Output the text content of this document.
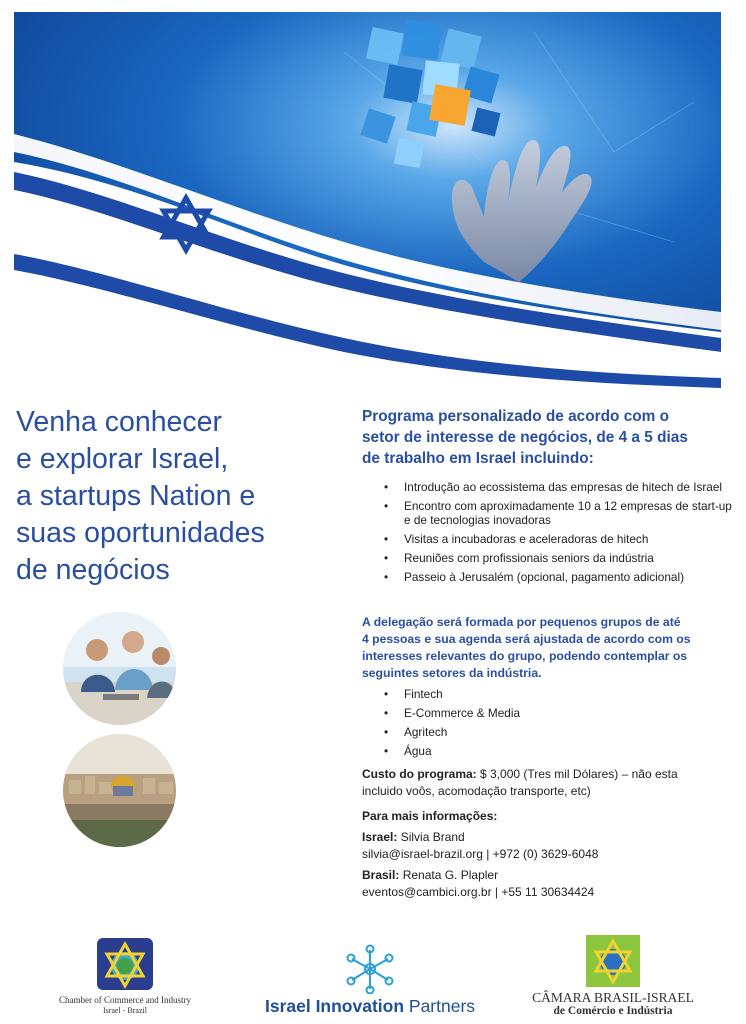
Venha conhecer
e explorar Israel,
a startups Nation e
suas oportunidades
de negócios
Programa personalizado de acordo com o
setor de interesse de negócios, de 4 a 5 dias
de trabalho em Israel incluindo:
• Introdução ao ecossistema das empresas de hitech de Israel
• Encontro com aproximadamente 10 a 12 empresas de start-up e de tecnologias inovadoras
• Visitas a incubadoras e aceleradoras de hitech
• Reuniões com profissionais seniors da indústria
• Passeio à Jerusalém (opcional, pagamento adicional)
A delegação será formada por pequenos grupos de até
4 pessoas e sua agenda será ajustada de acordo com os
interesses relevantes do grupo, podendo contemplar os
seguintes setores da indústria.
• Fintech
• E-Commerce & Media
• Agritech
• Água
Custo do programa: $ 3,000 (Tres mil Dólares) – não esta
incluido voôs, acomodação transporte, etc)
Para mais informações:
Israel: Silvia Brand
silvia@israel-brazil.org | +972 (0) 3629-6048
Brasil: Renata G. Plapler
eventos@cambici.org.br | +55 11 30634424
Chamber of Commerce and Industry
Israel - Brazil	Israel Innovation Partners	CÂMARA BRASIL-ISRAEL
de Comércio e Indústria
